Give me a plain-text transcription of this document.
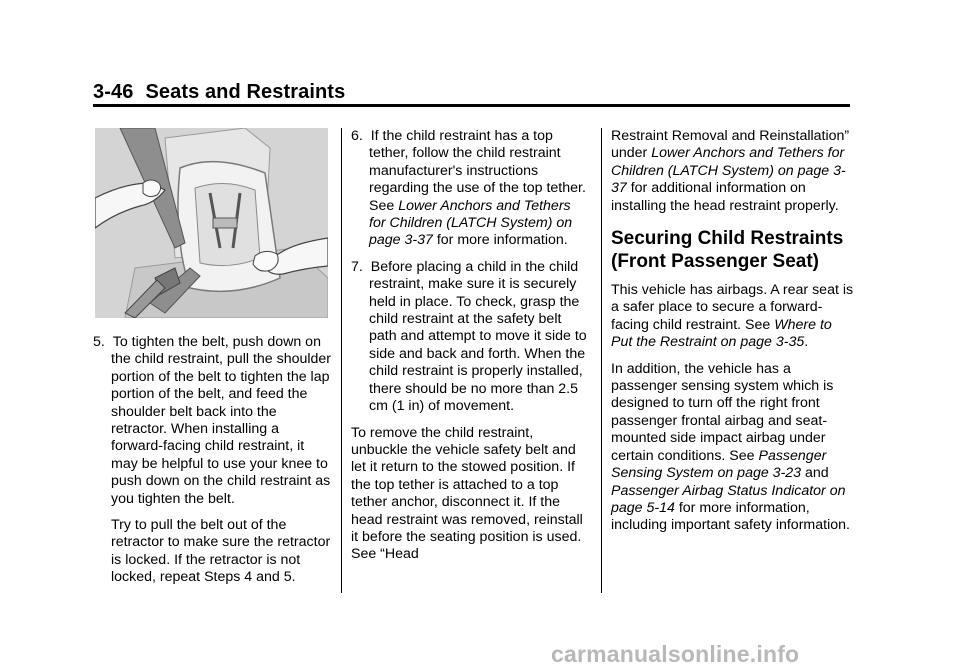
3-46 Seats and Restraints
5. To tighten the belt, push down on the child restraint, pull the shoulder portion of the belt to tighten the lap portion of the belt, and feed the shoulder belt back into the retractor. When installing a forward-facing child restraint, it may be helpful to use your knee to push down on the child restraint as you tighten the belt.

Try to pull the belt out of the retractor to make sure the retractor is locked. If the retractor is not locked, repeat Steps 4 and 5.

6. If the child restraint has a top tether, follow the child restraint manufacturer's instructions regarding the use of the top tether. See Lower Anchors and Tethers for Children (LATCH System) on page 3-37 for more information.
7. Before placing a child in the child restraint, make sure it is securely held in place. To check, grasp the child restraint at the safety belt path and attempt to move it side to side and back and forth. When the child restraint is properly installed, there should be no more than 2.5 cm (1 in) of movement.

To remove the child restraint, unbuckle the vehicle safety belt and let it return to the stowed position. If the top tether is attached to a top tether anchor, disconnect it. If the head restraint was removed, reinstall it before the seating position is used. See “Head

Restraint Removal and Reinstallation” under Lower Anchors and Tethers for Children (LATCH System) on page 3-37 for additional information on installing the head restraint properly.

Securing Child Restraints (Front Passenger Seat)

This vehicle has airbags. A rear seat is a safer place to secure a forward-facing child restraint. See Where to Put the Restraint on page 3-35.

In addition, the vehicle has a passenger sensing system which is designed to turn off the right front passenger frontal airbag and seat-mounted side impact airbag under certain conditions. See Passenger Sensing System on page 3-23 and Passenger Airbag Status Indicator on page 5-14 for more information, including important safety information.

carmanualsonline.info
